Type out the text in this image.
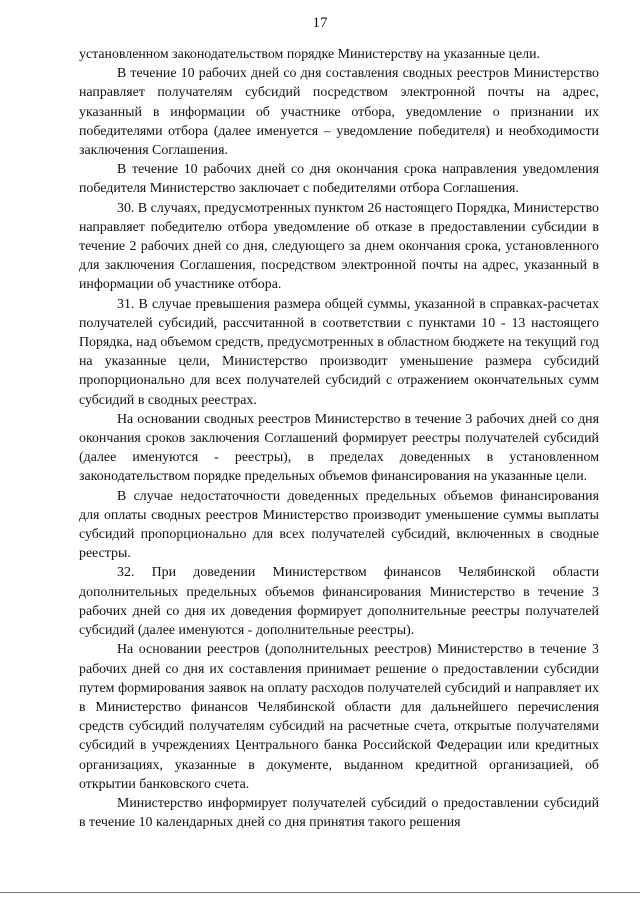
17

установленном законодательством порядке Министерству на указанные цели.

В течение 10 рабочих дней со дня составления сводных реестров Министерство направляет получателям субсидий посредством электронной почты на адрес, указанный в информации об участнике отбора, уведомление о признании их победителями отбора (далее именуется – уведомление победителя) и необходимости заключения Соглашения.

В течение 10 рабочих дней со дня окончания срока направления уведомления победителя Министерство заключает с победителями отбора Соглашения.

30. В случаях, предусмотренных пунктом 26 настоящего Порядка, Министерство направляет победителю отбора уведомление об отказе в предоставлении субсидии в течение 2 рабочих дней со дня, следующего за днем окончания срока, установленного для заключения Соглашения, посредством электронной почты на адрес, указанный в информации об участнике отбора.

31. В случае превышения размера общей суммы, указанной в справках-расчетах получателей субсидий, рассчитанной в соответствии с пунктами 10 - 13 настоящего Порядка, над объемом средств, предусмотренных в областном бюджете на текущий год на указанные цели, Министерство производит уменьшение размера субсидий пропорционально для всех получателей субсидий с отражением окончательных сумм субсидий в сводных реестрах.

На основании сводных реестров Министерство в течение 3 рабочих дней со дня окончания сроков заключения Соглашений формирует реестры получателей субсидий (далее именуются - реестры), в пределах доведенных в установленном законодательством порядке предельных объемов финансирования на указанные цели.

В случае недостаточности доведенных предельных объемов финансирования для оплаты сводных реестров Министерство производит уменьшение суммы выплаты субсидий пропорционально для всех получателей субсидий, включенных в сводные реестры.

32. При доведении Министерством финансов Челябинской области дополнительных предельных объемов финансирования Министерство в течение 3 рабочих дней со дня их доведения формирует дополнительные реестры получателей субсидий (далее именуются - дополнительные реестры).

На основании реестров (дополнительных реестров) Министерство в течение 3 рабочих дней со дня их составления принимает решение о предоставлении субсидии путем формирования заявок на оплату расходов получателей субсидий и направляет их в Министерство финансов Челябинской области для дальнейшего перечисления средств субсидий получателям субсидий на расчетные счета, открытые получателями субсидий в учреждениях Центрального банка Российской Федерации или кредитных организациях, указанные в документе, выданном кредитной организацией, об открытии банковского счета.

Министерство информирует получателей субсидий о предоставлении субсидий в течение 10 календарных дней со дня принятия такого решения
